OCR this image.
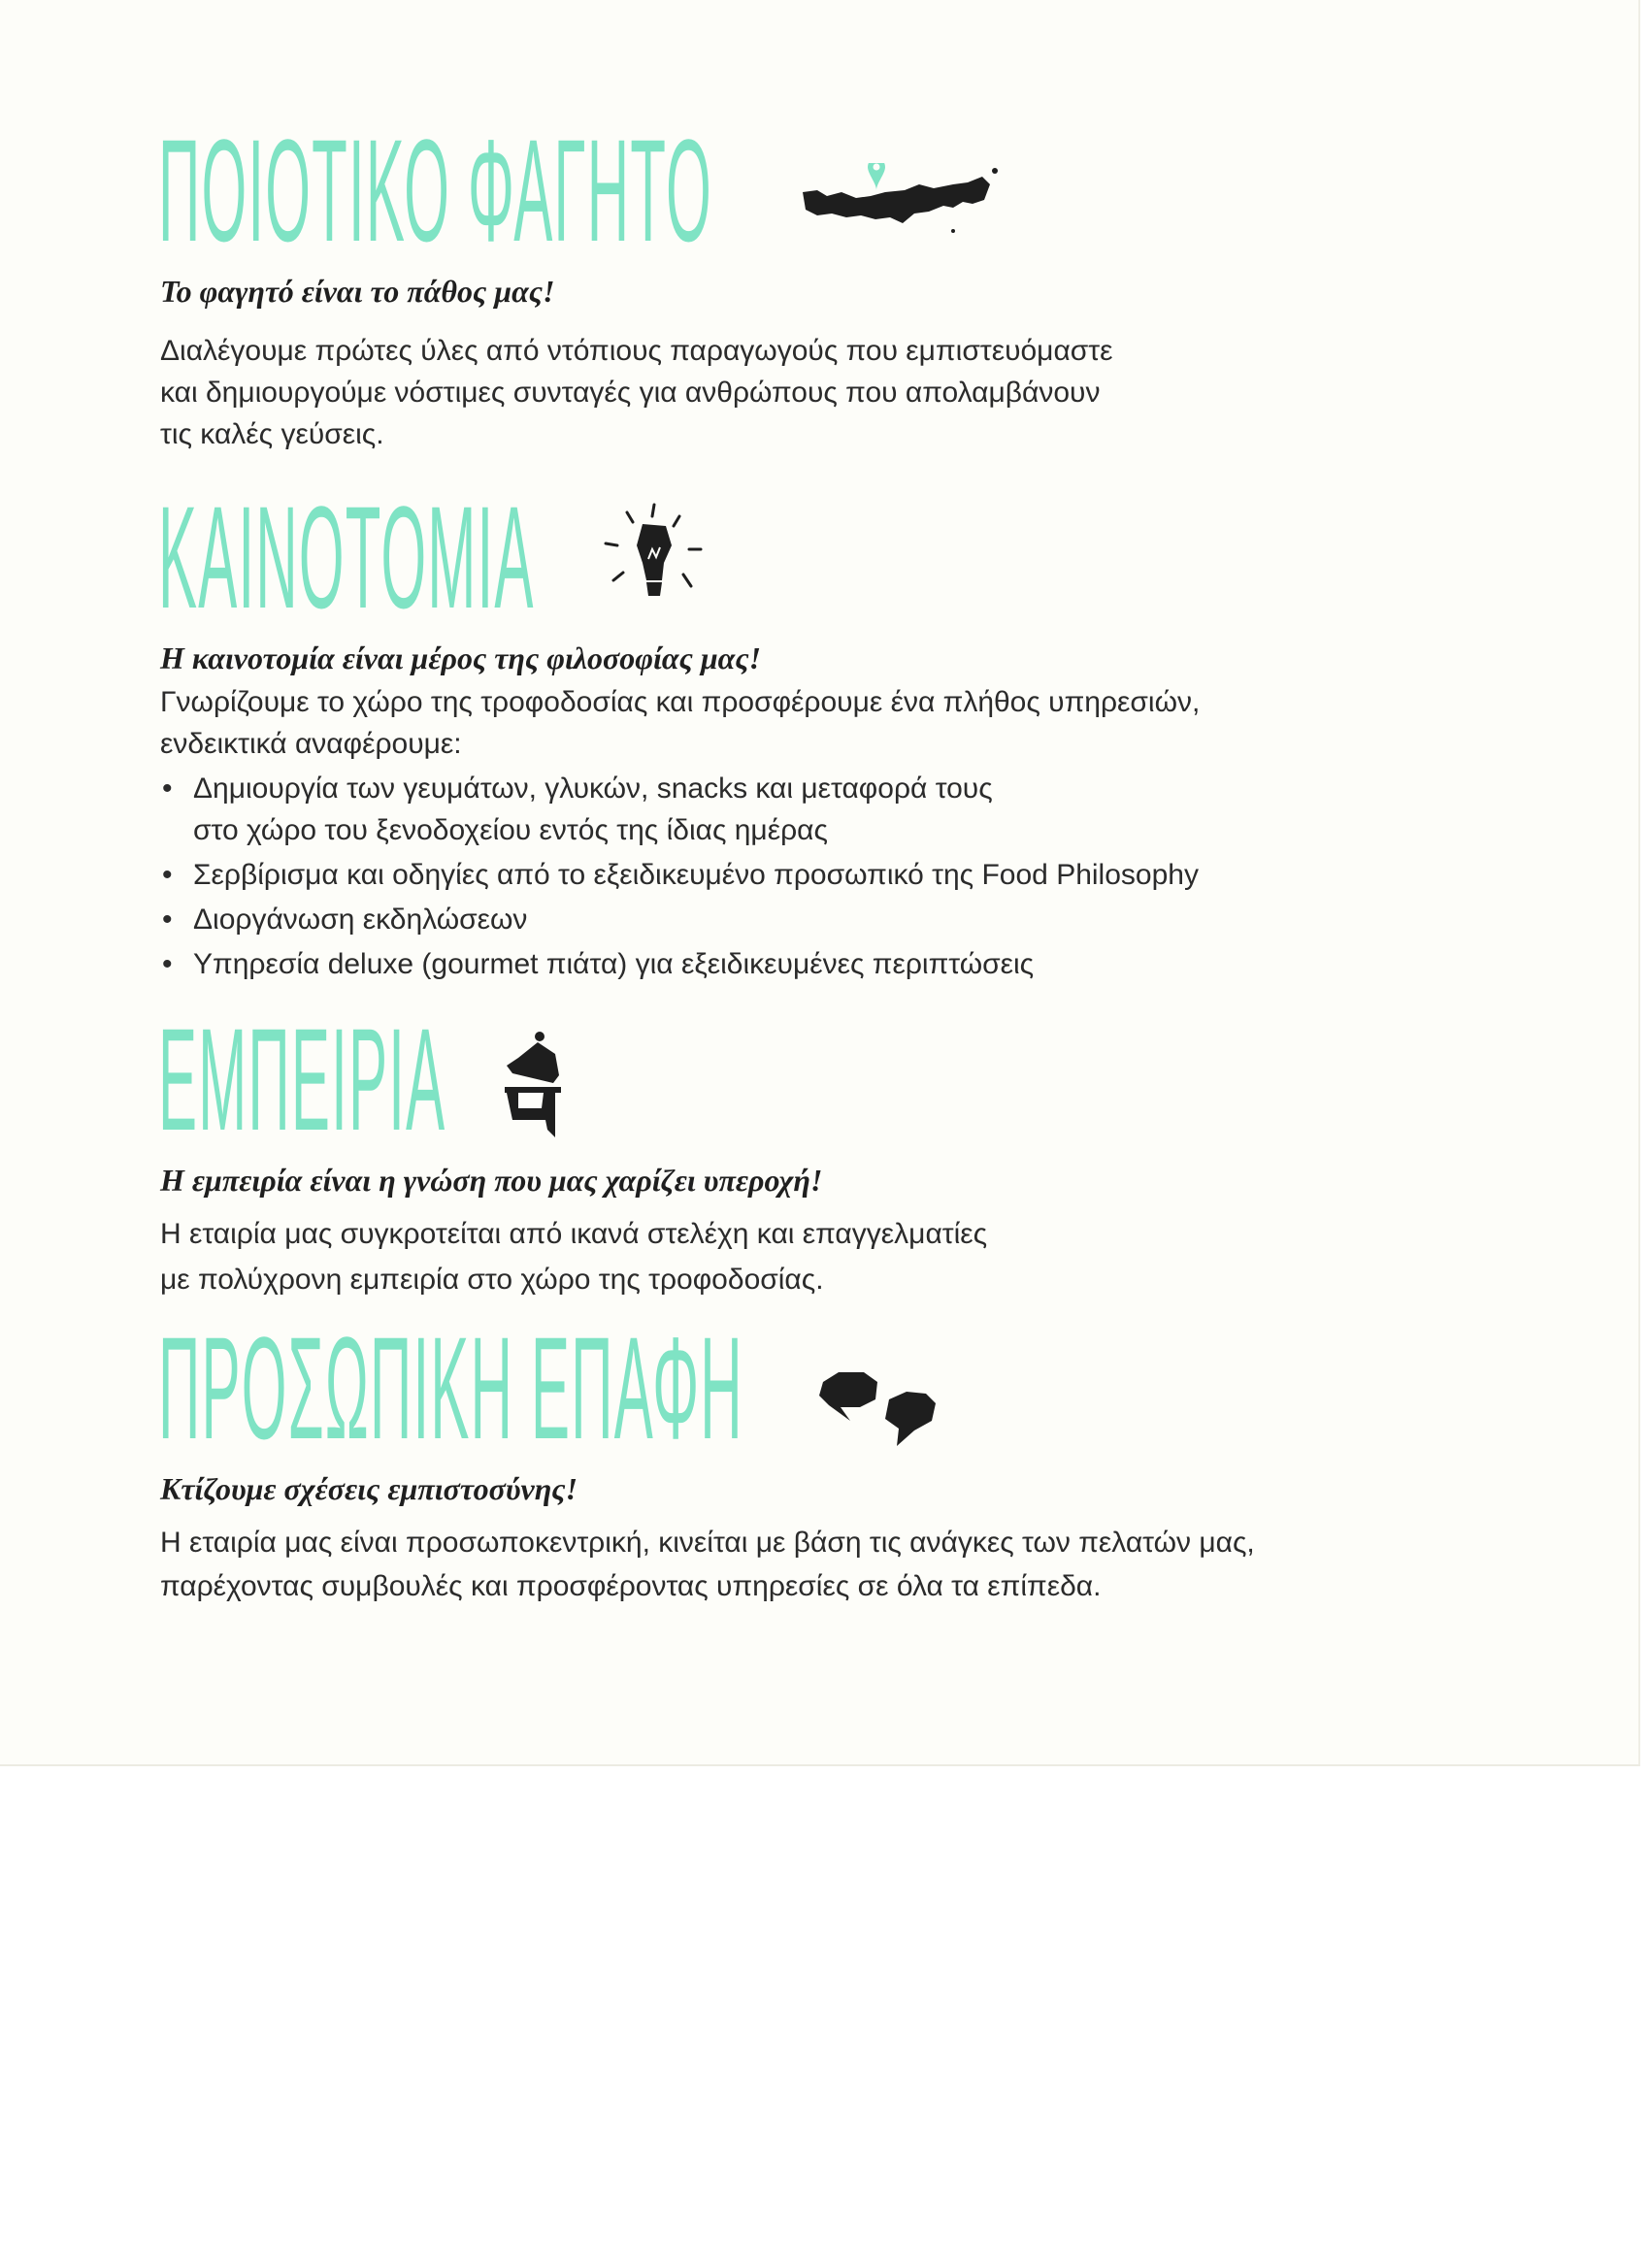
ΠΟΙΟΤΙΚΟ ΦΑΓΗΤΟ
Το φαγητό είναι το πάθος μας!
Διαλέγουμε πρώτες ύλες από ντόπιους παραγωγούς που εμπιστευόμαστε
και δημιουργούμε νόστιμες συνταγές για ανθρώπους που απολαμβάνουν
τις καλές γεύσεις.
ΚΑΙΝΟΤΟΜΙΑ
Η καινοτομία είναι μέρος της φιλοσοφίας μας!
Γνωρίζουμε το χώρο της τροφοδοσίας και προσφέρουμε ένα πλήθος υπηρεσιών,
ενδεικτικά αναφέρουμε:
• Δημιουργία των γευμάτων, γλυκών, snacks και μεταφορά τους
στο χώρο του ξενοδοχείου εντός της ίδιας ημέρας
• Σερβίρισμα και οδηγίες από το εξειδικευμένο προσωπικό της Food Philosophy
• Διοργάνωση εκδηλώσεων
• Υπηρεσία deluxe (gourmet πιάτα) για εξειδικευμένες περιπτώσεις
ΕΜΠΕΙΡΙΑ
Η εμπειρία είναι η γνώση που μας χαρίζει υπεροχή!
Η εταιρία μας συγκροτείται από ικανά στελέχη και επαγγελματίες
με πολύχρονη εμπειρία στο χώρο της τροφοδοσίας.
ΠΡΟΣΩΠΙΚΗ ΕΠΑΦΗ
Κτίζουμε σχέσεις εμπιστοσύνης!
Η εταιρία μας είναι προσωποκεντρική, κινείται με βάση τις ανάγκες των πελατών μας,
παρέχοντας συμβουλές και προσφέροντας υπηρεσίες σε όλα τα επίπεδα.
